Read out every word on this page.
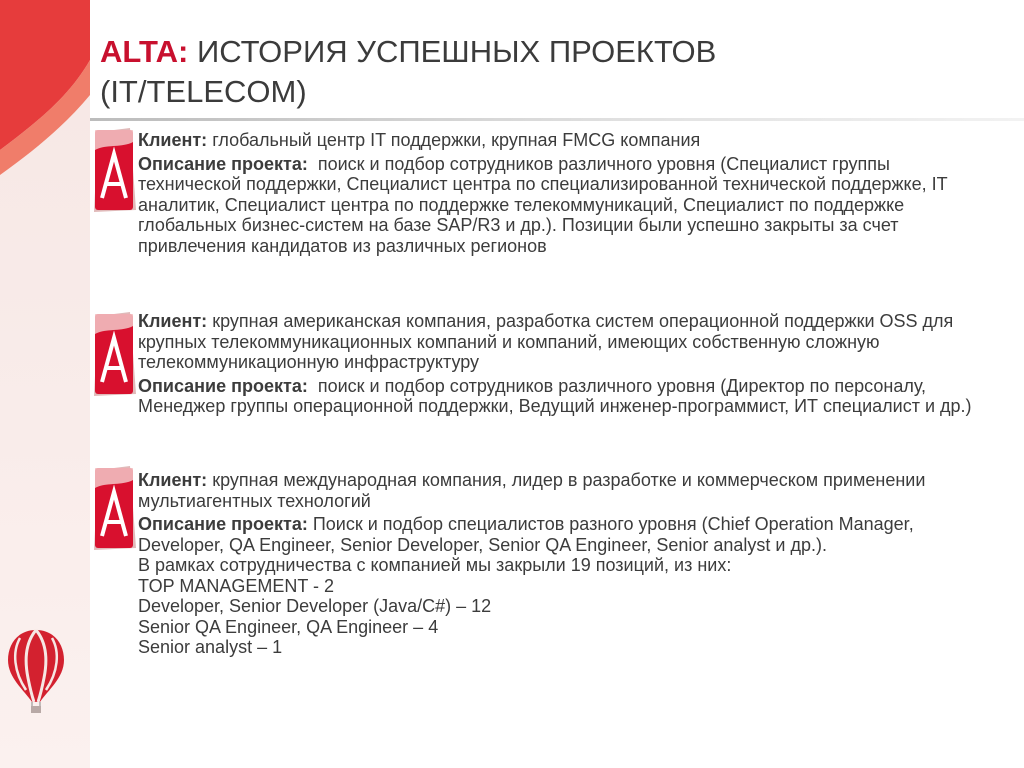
ALTA: ИСТОРИЯ УСПЕШНЫХ ПРОЕКТОВ
(IT/TELECOM)

Клиент: глобальный центр IT поддержки, крупная FMCG компания

Описание проекта: поиск и подбор сотрудников различного уровня (Специалист группы технической поддержки, Специалист центра по специализированной технической поддержке, IT аналитик, Специалист центра по поддержке телекоммуникаций, Специалист по поддержке глобальных бизнес-систем на базе SAP/R3 и др.). Позиции были успешно закрыты за счет привлечения кандидатов из различных регионов

Клиент: крупная американская компания, разработка систем операционной поддержки OSS для крупных телекоммуникационных компаний и компаний, имеющих собственную сложную телекоммуникационную инфраструктуру

Описание проекта: поиск и подбор сотрудников различного уровня (Директор по персоналу, Менеджер группы операционной поддержки, Ведущий инженер-программист, ИТ специалист и др.)

Клиент: крупная международная компания, лидер в разработке и коммерческом применении мультиагентных технологий

Описание проекта: Поиск и подбор специалистов разного уровня (Chief Operation Manager, Developer, QA Engineer, Senior Developer, Senior QA Engineer, Senior analyst и др.).

В рамках сотрудничества с компанией мы закрыли 19 позиций, из них:
TOP MANAGEMENT - 2
Developer, Senior Developer (Java/C#) – 12
Senior QA Engineer, QA Engineer – 4
Senior analyst – 1
